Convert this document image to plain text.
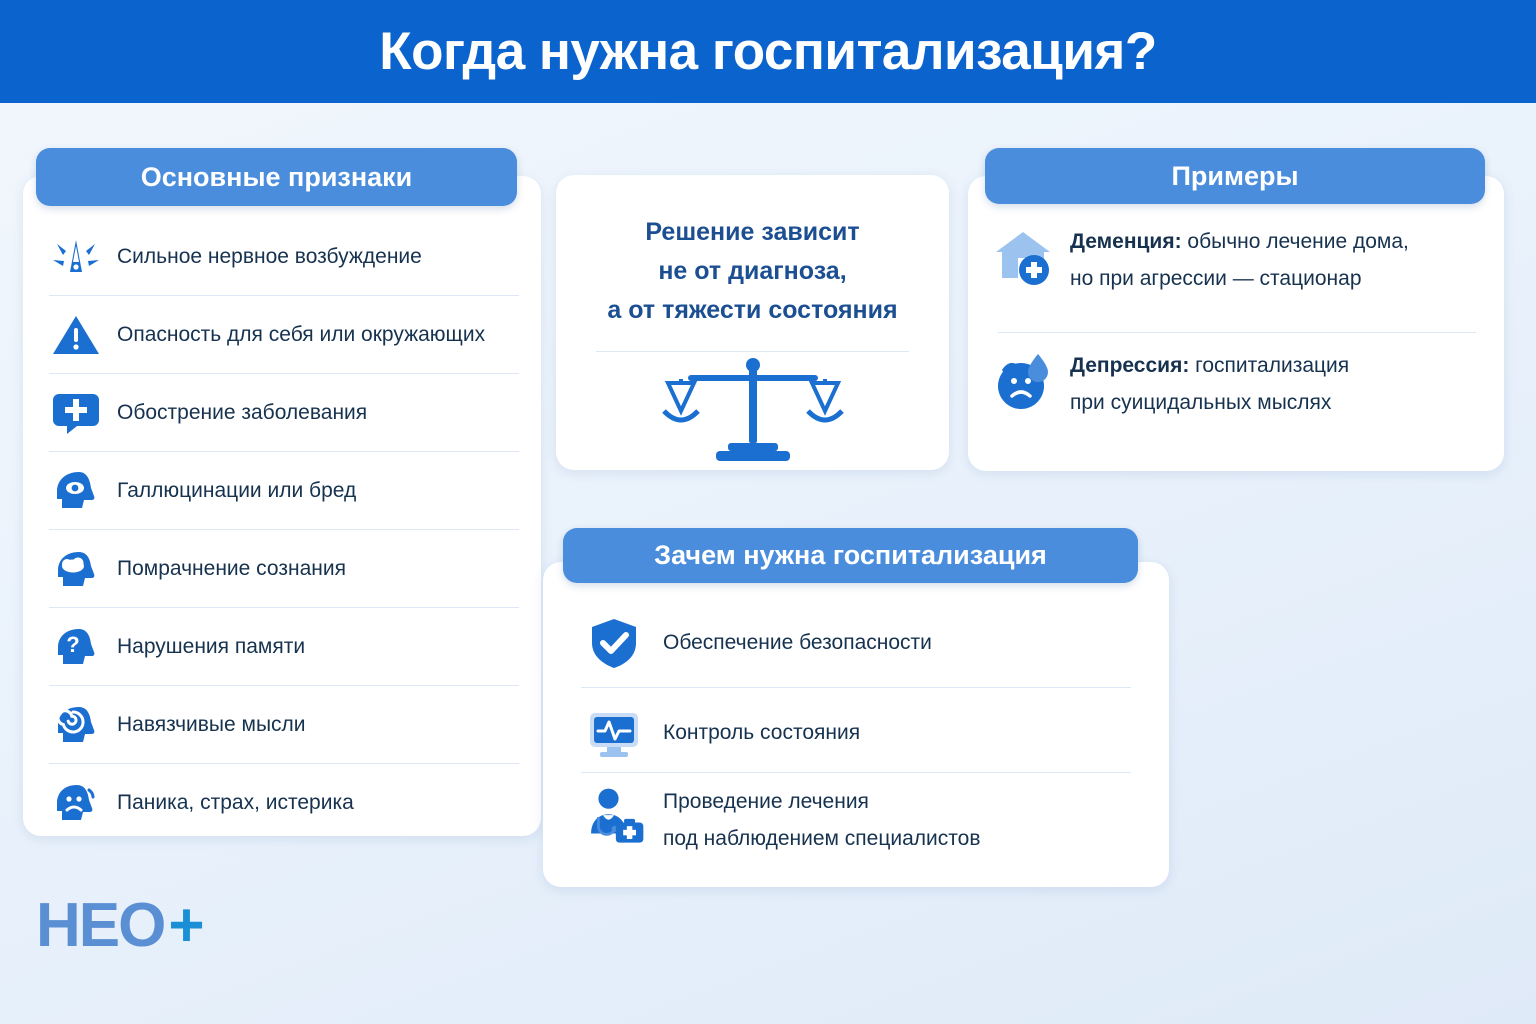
Когда нужна госпитализация?
Сильное нервное возбуждение
Опасность для себя или окружающих
Обострение заболевания
Галлюцинации или бред
Помрачнение сознания
? Нарушения памяти
Навязчивые мысли
Паника, страх, истерика
Основные признаки
Решение зависит
не от диагноза,
а от тяжести состояния
Деменция: обычно лечение дома,
но при агрессии — стационар
Депрессия: госпитализация
при суицидальных мыслях
Примеры
Обеспечение безопасности
Контроль состояния
Проведение лечения
под наблюдением специалистов
Зачем нужна госпитализация
HEO +
